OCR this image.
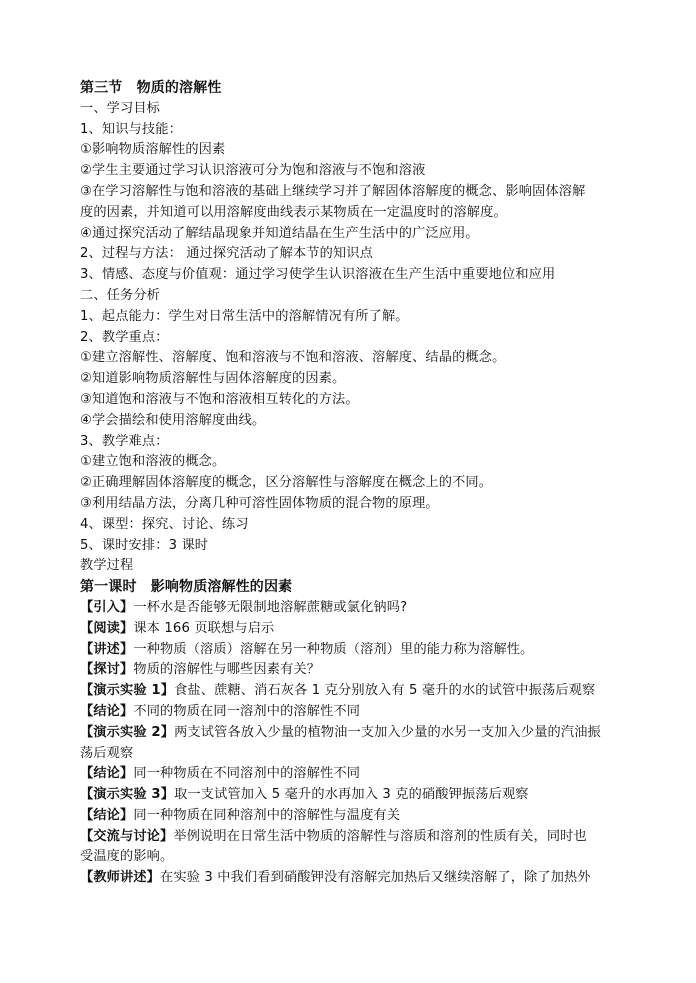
第三节　物质的溶解性
一、学习目标
1、知识与技能：
①影响物质溶解性的因素
②学生主要通过学习认识溶液可分为饱和溶液与不饱和溶液
③在学习溶解性与饱和溶液的基础上继续学习并了解固体溶解度的概念、影响固体溶解
度的因素，并知道可以用溶解度曲线表示某物质在一定温度时的溶解度。
④通过探究活动了解结晶现象并知道结晶在生产生活中的广泛应用。
2、过程与方法： 通过探究活动了解本节的知识点
3、情感、态度与价值观：通过学习使学生认识溶液在生产生活中重要地位和应用
二、任务分析
1、起点能力：学生对日常生活中的溶解情况有所了解。
2、教学重点：
①建立溶解性、溶解度、饱和溶液与不饱和溶液、溶解度、结晶的概念。
②知道影响物质溶解性与固体溶解度的因素。
③知道饱和溶液与不饱和溶液相互转化的方法。
④学会描绘和使用溶解度曲线。
3、教学难点：
①建立饱和溶液的概念。
②正确理解固体溶解度的概念，区分溶解性与溶解度在概念上的不同。
③利用结晶方法，分离几种可溶性固体物质的混合物的原理。
4、课型：探究、讨论、练习
5、课时安排：3 课时
教学过程
第一课时　影响物质溶解性的因素
【引入】一杯水是否能够无限制地溶解蔗糖或氯化钠吗?
【阅读】课本 166 页联想与启示
【讲述】一种物质（溶质）溶解在另一种物质（溶剂）里的能力称为溶解性。
【探讨】物质的溶解性与哪些因素有关？
【演示实验 1】食盐、蔗糖、消石灰各 1 克分别放入有 5 毫升的水的试管中振荡后观察
【结论】不同的物质在同一溶剂中的溶解性不同
【演示实验 2】两支试管各放入少量的植物油一支加入少量的水另一支加入少量的汽油振
荡后观察
【结论】同一种物质在不同溶剂中的溶解性不同
【演示实验 3】取一支试管加入 5 毫升的水再加入 3 克的硝酸钾振荡后观察
【结论】同一种物质在同种溶剂中的溶解性与温度有关
【交流与讨论】举例说明在日常生活中物质的溶解性与溶质和溶剂的性质有关，同时也
受温度的影响。
【教师讲述】在实验 3 中我们看到硝酸钾没有溶解完加热后又继续溶解了，除了加热外
